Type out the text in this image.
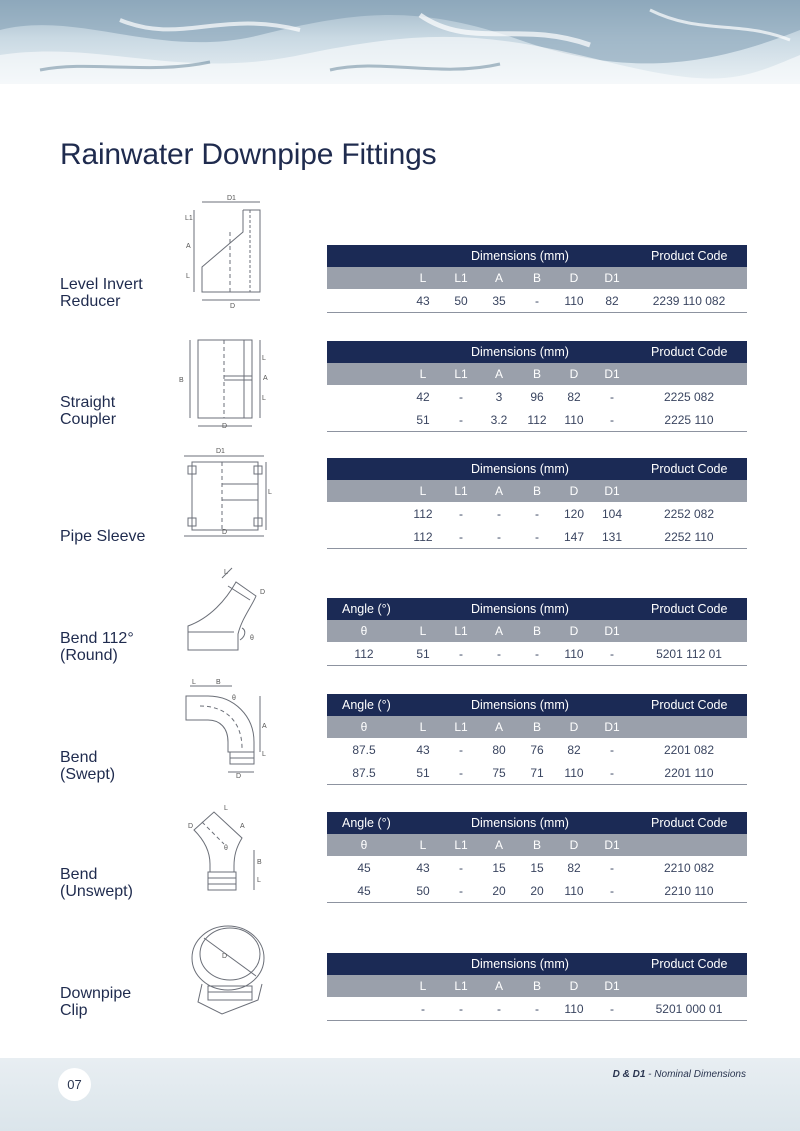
Rainwater Downpipe Fittings
Level Invert
Reducer
D1
L1
A
L
D
Dimensions (mm)	Product Code
L L1 A B D D1
43 50 35 - 110 82	2239 110 082
Straight
Coupler
B
L
A
L
D
Dimensions (mm)	Product Code
L L1 A B D D1
42 -	3 96 82 -	2225 082
51 - 3.2 112 110 -	2225 110
Pipe Sleeve
D1
L
D
Dimensions (mm)	Product Code
L L1 A B D D1
112 -	-	- 120 104	2252 082
112 -	-	- 147 131	2252 110
Bend 112°
(Round)
L
D
θ
Angle (°)	Dimensions (mm)	Product Code
θ	L L1 A B D D1
112	51 -	-	- 110 -	5201 112 01
Bend
(Swept)
L	B
θ
A
L
D
Angle (°)	Dimensions (mm)	Product Code
θ	L L1 A B D D1
87.5	43 - 80 76 82 -	2201 082
87.5	51 - 75 71 110 -	2201 110
Bend
(Unswept)
L
D	A
θ
B
L
Angle (°)	Dimensions (mm)	Product Code
θ	L L1 A B D D1
45	43 - 15 15 82 -	2210 082
45	50 - 20 20 110 -	2210 110
Downpipe
Clip
D
Dimensions (mm)	Product Code
L L1 A B D D1
-	-	-	- 110 -	5201 000 01
07
D & D1 - Nominal Dimensions
